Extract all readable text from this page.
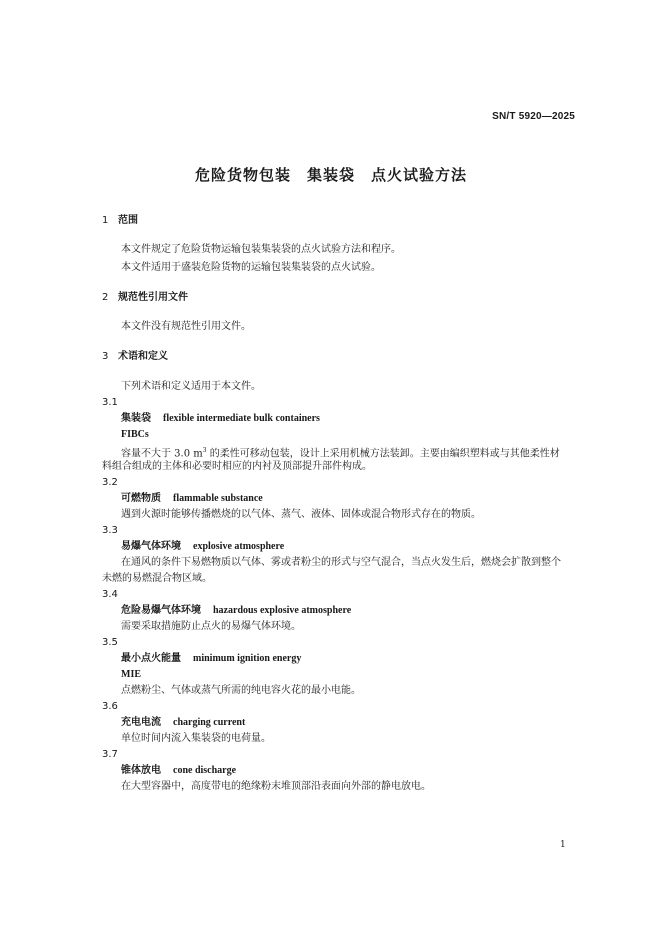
SN/T 5920—2025
危险货物包装　集装袋　点火试验方法
1 范围
本文件规定了危险货物运输包装集装袋的点火试验方法和程序。
本文件适用于盛装危险货物的运输包装集装袋的点火试验。
2 规范性引用文件
本文件没有规范性引用文件。
3 术语和定义
下列术语和定义适用于本文件。
3.1
集装袋 flexible intermediate bulk containers
FIBCs
容量不大于 3.0 $m^3$ 的柔性可移动包装，设计上采用机械方法装卸。主要由编织塑料或与其他柔性材
料组合组成的主体和必要时相应的内衬及顶部提升部件构成。
3.2
可燃物质 flammable substance
遇到火源时能够传播燃烧的以气体、蒸气、液体、固体或混合物形式存在的物质。
3.3
易爆气体环境 explosive atmosphere
在通风的条件下易燃物质以气体、雾或者粉尘的形式与空气混合，当点火发生后，燃烧会扩散到整个
未燃的易燃混合物区域。
3.4
危险易爆气体环境 hazardous explosive atmosphere
需要采取措施防止点火的易爆气体环境。
3.5
最小点火能量 minimum ignition energy
MIE
点燃粉尘、气体或蒸气所需的纯电容火花的最小电能。
3.6
充电电流 charging current
单位时间内流入集装袋的电荷量。
3.7
锥体放电 cone discharge
在大型容器中，高度带电的绝缘粉末堆顶部沿表面向外部的静电放电。
1
